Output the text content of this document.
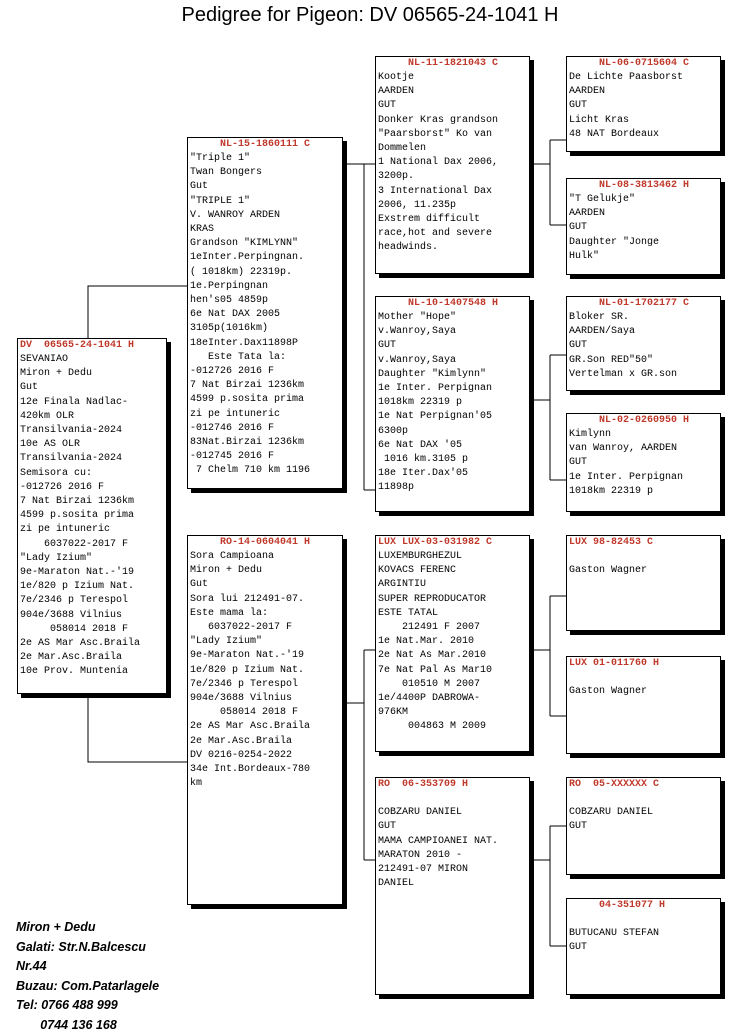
Pedigree for Pigeon: DV 06565-24-1041 H
DV  06565-24-1041 H
SEVANIAO
Miron + Dedu
Gut
12e Finala Nadlac-
420km OLR
Transilvania-2024
10e AS OLR
Transilvania-2024
Semisora cu:
-012726 2016 F
7 Nat Birzai 1236km
4599 p.sosita prima
zi pe intuneric
6037022-2017 F
"Lady Izium"
9e-Maraton Nat.-'19
1e/820 p Izium Nat.
7e/2346 p Terespol
904e/3688 Vilnius
058014 2018 F
2e AS Mar Asc.Braila
2e Mar.Asc.Braila
10e Prov. Muntenia
NL-15-1860111 C
"Triple 1"
Twan Bongers
Gut
"TRIPLE 1"
V. WANROY ARDEN
KRAS
Grandson "KIMLYNN"
1eInter.Perpingnan.
( 1018km) 22319p.
1e.Perpingnan
hen's05 4859p
6e Nat DAX 2005
3105p(1016km)
18eInter.Dax11898P
Este Tata la:
-012726 2016 F
7 Nat Birzai 1236km
4599 p.sosita prima
zi pe intuneric
-012746 2016 F
83Nat.Birzai 1236km
-012745 2016 F
7 Chelm 710 km 1196
RO-14-0604041 H
Sora Campioana
Miron + Dedu
Gut
Sora lui 212491-07.
Este mama la:
6037022-2017 F
"Lady Izium"
9e-Maraton Nat.-'19
1e/820 p Izium Nat.
7e/2346 p Terespol
904e/3688 Vilnius
058014 2018 F
2e AS Mar Asc.Braila
2e Mar.Asc.Braila
DV 0216-0254-2022
34e Int.Bordeaux-780
km
NL-11-1821043 C
Kootje
AARDEN
GUT
Donker Kras grandson
"Paarsborst" Ko van
Dommelen
1 National Dax 2006,
3200p.
3 International Dax
2006, 11.235p
Exstrem difficult
race,hot and severe
headwinds.
NL-10-1407548 H
Mother "Hope"
v.Wanroy,Saya
GUT
v.Wanroy,Saya
Daughter "Kimlynn"
1e Inter. Perpignan
1018km 22319 p
1e Nat Perpignan'05
6300p
6e Nat DAX '05
1016 km.3105 p
18e Iter.Dax'05
11898p
LUX LUX-03-031982 C
LUXEMBURGHEZUL
KOVACS FERENC
ARGINTIU
SUPER REPRODUCATOR
ESTE TATAL
212491 F 2007
1e Nat.Mar. 2010
2e Nat As Mar.2010
7e Nat Pal As Mar10
010510 M 2007
1e/4400P DABROWA-
976KM
004863 M 2009
RO  06-353709 H

COBZARU DANIEL
GUT
MAMA CAMPIOANEI NAT.
MARATON 2010 -
212491-07 MIRON
DANIEL
NL-06-0715604 C
De Lichte Paasborst
AARDEN
GUT
Licht Kras
48 NAT Bordeaux
NL-08-3813462 H
"T Gelukje"
AARDEN
GUT
Daughter "Jonge
Hulk"
NL-01-1702177 C
Bloker SR.
AARDEN/Saya
GUT
GR.Son RED"50"
Vertelman x GR.son
NL-02-0260950 H
Kimlynn
van Wanroy, AARDEN
GUT
1e Inter. Perpignan
1018km 22319 p
LUX 98-82453 C

Gaston Wagner
LUX 01-011760 H

Gaston Wagner
RO  05-XXXXXX C

COBZARU DANIEL
GUT
04-351077 H

BUTUCANU STEFAN
GUT
Miron + Dedu
Galati: Str.N.Balcescu
Nr.44
Buzau: Com.Patarlagele
Tel: 0766 488 999
0744 136 168
